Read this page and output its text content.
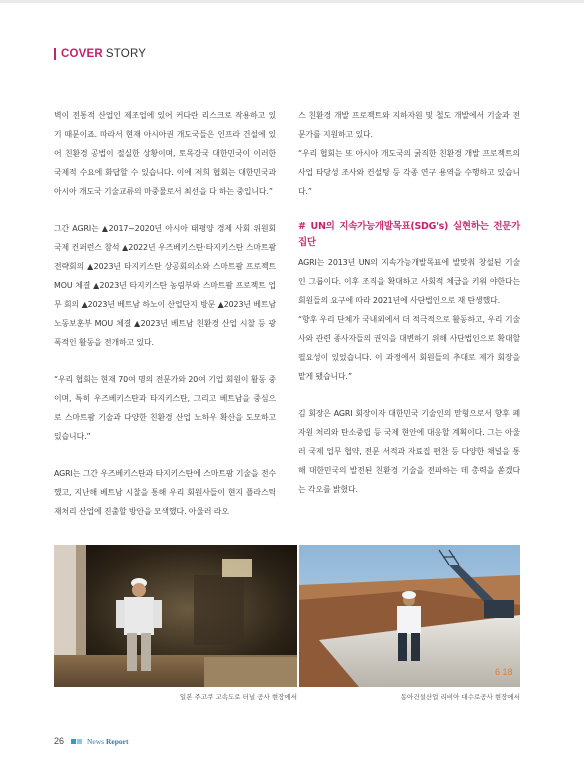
COVER STORY

벽이 전통적 산업인 제조업에 있어 커다란 리스크로 작용하고 있기 때문이죠. 따라서 현재 아시아권 개도국들은 인프라 건설에 있어 친환경 공법이 절실한 상황이며, 토목강국 대한민국이 이러한 국제적 수요에 화답할 수 있습니다. 이에 저희 협회는 대한민국과 아시아 개도국 기술교류의 마중물로서 최선을 다 하는 중입니다.”

그간 AGRI는 ▲2017~2020년 아시아 태평양 경제 사회 위원회 국제 컨퍼런스 참석 ▲2022년 우즈베키스탄·타지키스탄 스마트팜 전략회의 ▲2023년 타지키스탄 상공회의소와 스마트팜 프로젝트 MOU 체결 ▲2023년 타지키스탄 농림부와 스마트팜 프로젝트 업무 회의 ▲2023년 베트남 하노이 산업단지 방문 ▲2023년 베트남 노동보훈부 MOU 체결 ▲2023년 베트남 친환경 산업 시찰 등 광폭적인 활동을 전개하고 있다.

“우리 협회는 현재 70여 명의 전문가와 20여 기업 회원이 활동 중이며, 특히 우즈베키스탄과 타지키스탄, 그리고 베트남을 중심으로 스마트팜 기술과 다양한 친환경 산업 노하우 확산을 도모하고 있습니다.”

AGRI는 그간 우즈베키스탄과 타지키스탄에 스마트팜 기술을 전수했고, 지난해 베트남 시찰을 통해 우리 회원사들이 현지 플라스틱 재처리 산업에 진출할 방안을 모색했다. 아울러 라오

스 친환경 개발 프로젝트와 지하자원 및 철도 개발에서 기술과 전문가를 지원하고 있다.

“우리 협회는 또 아시아 개도국의 굵직한 친환경 개발 프로젝트의 사업 타당성 조사와 컨설팅 등 각종 연구 용역을 수행하고 있습니다.”

# UN의 지속가능개발목표(SDG's) 실현하는 전문가 집단

AGRI는 2013년 UN의 지속가능개발목표에 발맞춰 창설된 기술인 그룹이다. 이후 조직을 확대하고 사회적 체급을 키워 야한다는 회원들의 요구에 따라 2021년에 사단법인으로 재 탄생했다.

“향후 우리 단체가 국내외에서 더 적극적으로 활동하고, 우리 기술사와 관련 종사자들의 권익을 대변하기 위해 사단법인으로 확대할 필요성이 있었습니다. 이 과정에서 회원들의 추대로 제가 회장을 맡게 됐습니다.”

김 회장은 AGRI 회장이자 대한민국 기술인의 맏형으로서 향후 폐자원 처리와 탄소중립 등 국제 현안에 대응할 계획이다. 그는 아울러 국제 업무 협약, 전문 서적과 자료집 편찬 등 다양한 채널을 통해 대한민국의 발전된 친환경 기술을 전파하는 데 총력을 쏟겠다는 각오를 밝혔다.

일본 주고쿠 고속도로 터널 공사 현장에서
6 18
동아건설산업 리비아 대수로공사 현장에서
26	News Report
